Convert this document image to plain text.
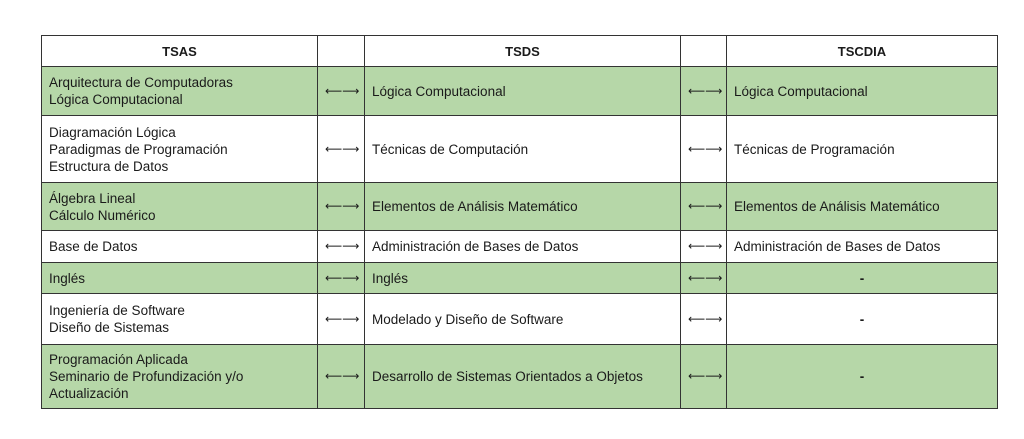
TSAS		TSDS		TSCDIA

Arquitectura de Computadoras
Lógica Computacional	⟵⟶	Lógica Computacional	⟵⟶	Lógica Computacional

Diagramación Lógica
Paradigmas de Programación
Estructura de Datos	⟵⟶	Técnicas de Computación	⟵⟶	Técnicas de Programación

Álgebra Lineal
Cálculo Numérico	⟵⟶	Elementos de Análisis Matemático	⟵⟶	Elementos de Análisis Matemático

Base de Datos	⟵⟶	Administración de Bases de Datos	⟵⟶	Administración de Bases de Datos

Inglés	⟵⟶	Inglés	⟵⟶	-

Ingeniería de Software
Diseño de Sistemas	⟵⟶	Modelado y Diseño de Software	⟵⟶	-

Programación Aplicada
Seminario de Profundización y/o
Actualización	⟵⟶	Desarrollo de Sistemas Orientados a Objetos	⟵⟶	-
